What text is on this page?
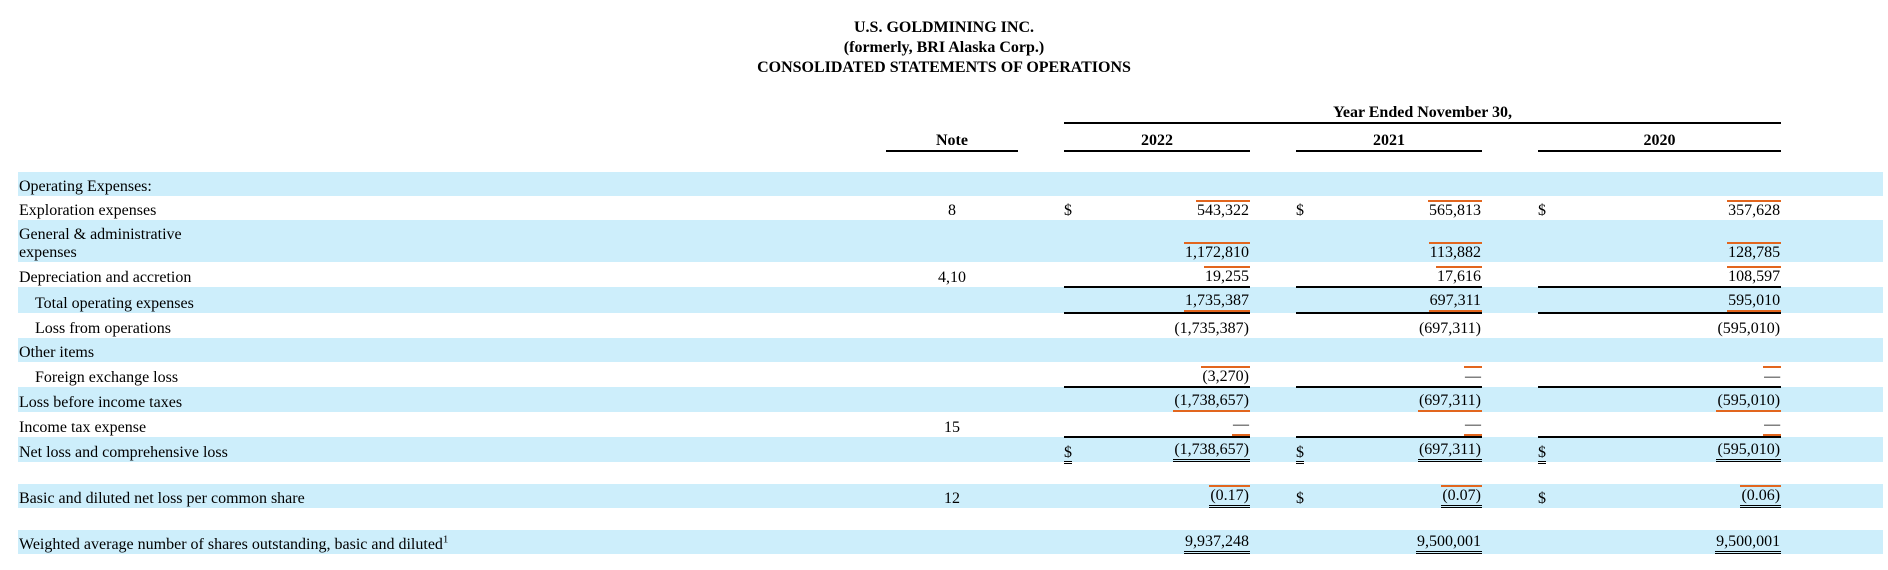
U.S. GOLDMINING INC.
(formerly, BRI Alaska Corp.)
CONSOLIDATED STATEMENTS OF OPERATIONS
			Year Ended November 30,								
	Note		2022			2021			2020		

Operating Expenses:											
Exploration expenses	8		$	543,322		$	565,813		$	357,628	

General & administrative
expenses				1,172,810			113,882			128,785	
Depreciation and accretion	4,10			19,255			17,616			108,597	
Total operating expenses				1,735,387			697,311			595,010	
Loss from operations				(1,735,387)			(697,311)			(595,010)	
Other items											
Foreign exchange loss				(3,270)			—			—	
Loss before income taxes				(1,738,657)			(697,311)			(595,010)	
Income tax expense	15			—			—			—	
Net loss and comprehensive loss			$	(1,738,657)		$	(697,311)		$	(595,010)	

Basic and diluted net loss per common share	12			(0.17)		$	(0.07)		$	(0.06)	

Weighted average number of shares outstanding, basic and diluted$^1$				9,937,248			9,500,001			9,500,001	
